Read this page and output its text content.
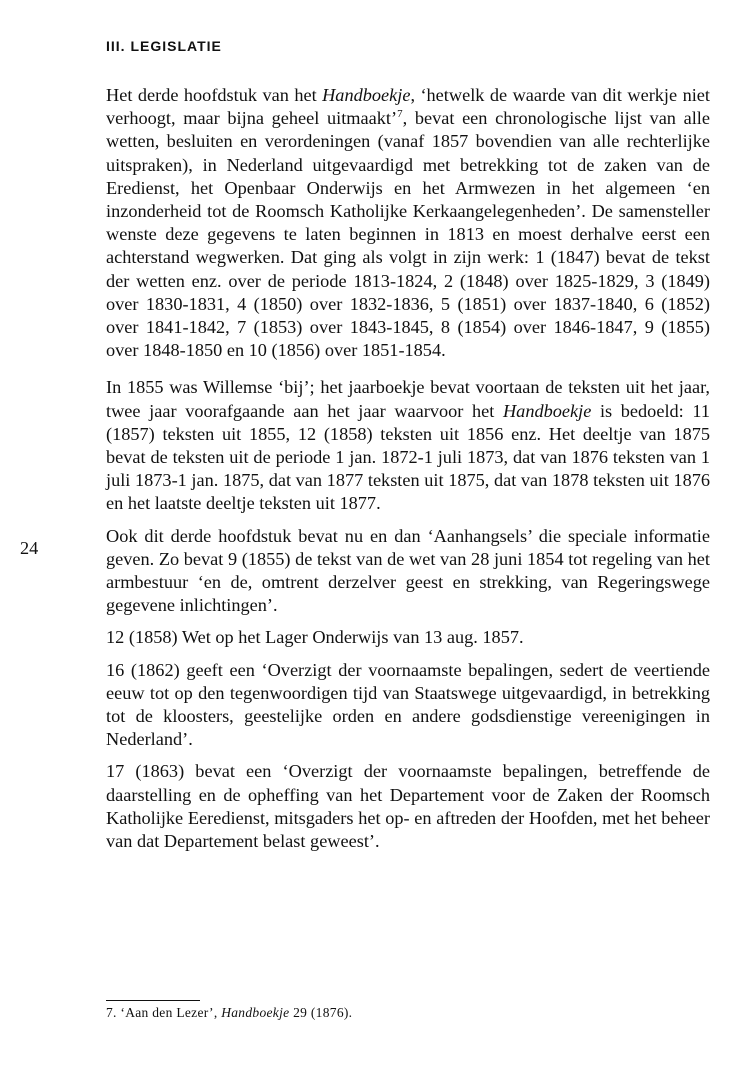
III. LEGISLATIE
24

Het derde hoofdstuk van het Handboekje, ‘hetwelk de waarde van dit werkje niet verhoogt, maar bijna geheel uitmaakt’$^7$, bevat een chronologische lijst van alle wetten, besluiten en verordeningen (vanaf 1857 bovendien van alle rechterlijke uitspraken), in Nederland uitgevaardigd met betrekking tot de zaken van de Eredienst, het Openbaar Onderwijs en het Armwezen in het algemeen ‘en inzonderheid tot de Roomsch Katholijke Kerkaangelegenheden’. De samensteller wenste deze gegevens te laten beginnen in 1813 en moest derhalve eerst een achterstand wegwerken. Dat ging als volgt in zijn werk: 1 (1847) bevat de tekst der wetten enz. over de periode 1813-1824, 2 (1848) over 1825-1829, 3 (1849) over 1830-1831, 4 (1850) over 1832-1836, 5 (1851) over 1837-1840, 6 (1852) over 1841-1842, 7 (1853) over 1843-1845, 8 (1854) over 1846-1847, 9 (1855) over 1848-1850 en 10 (1856) over 1851-1854.

In 1855 was Willemse ‘bij’; het jaarboekje bevat voortaan de teksten uit het jaar, twee jaar voorafgaande aan het jaar waarvoor het Handboekje is bedoeld: 11 (1857) teksten uit 1855, 12 (1858) teksten uit 1856 enz. Het deeltje van 1875 bevat de teksten uit de periode 1 jan. 1872-1 juli 1873, dat van 1876 teksten van 1 juli 1873-1 jan. 1875, dat van 1877 teksten uit 1875, dat van 1878 teksten uit 1876 en het laatste deeltje teksten uit 1877.

Ook dit derde hoofdstuk bevat nu en dan ‘Aanhangsels’ die speciale informatie geven. Zo bevat 9 (1855) de tekst van de wet van 28 juni 1854 tot regeling van het armbestuur ‘en de, omtrent derzelver geest en strekking, van Regeringswege gegevene inlichtingen’.

12 (1858) Wet op het Lager Onderwijs van 13 aug. 1857.

16 (1862) geeft een ‘Overzigt der voornaamste bepalingen, sedert de veertiende eeuw tot op den tegenwoordigen tijd van Staatswege uitgevaardigd, in betrekking tot de kloosters, geestelijke orden en andere godsdienstige vereenigingen in Nederland’.

17 (1863) bevat een ‘Overzigt der voornaamste bepalingen, betreffende de daarstelling en de opheffing van het Departement voor de Zaken der Roomsch Katholijke Eeredienst, mitsgaders het op- en aftreden der Hoofden, met het beheer van dat Departement belast geweest’.

7. ‘Aan den Lezer’, Handboekje 29 (1876).
